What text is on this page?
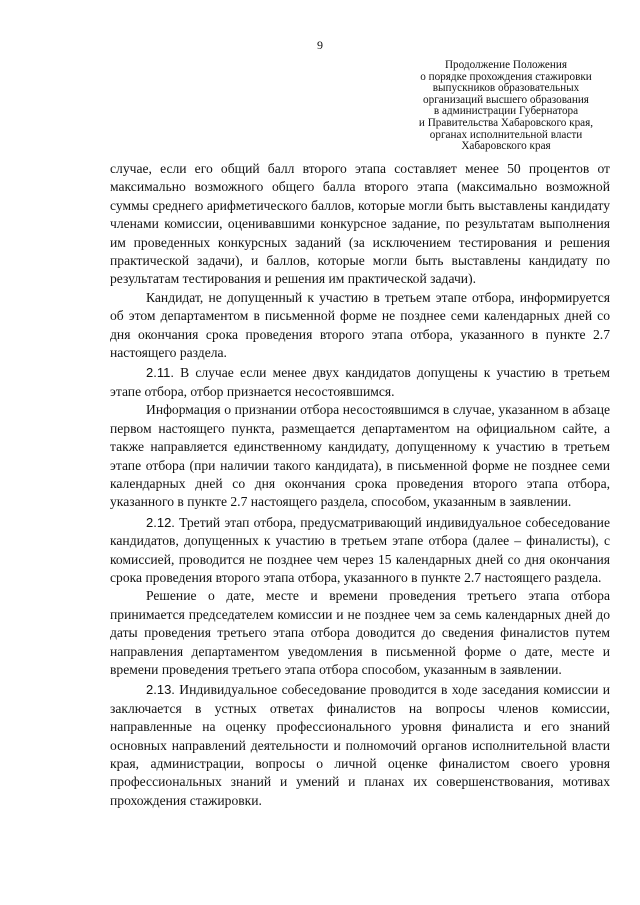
9
Продолжение Положения
о порядке прохождения стажировки
выпускников образовательных
организаций высшего образования
в администрации Губернатора
и Правительства Хабаровского края,
органах исполнительной власти
Хабаровского края

случае, если его общий балл второго этапа составляет менее 50 процентов от максимально возможного общего балла второго этапа (максимально возможной суммы среднего арифметического баллов, которые могли быть выставлены кандидату членами комиссии, оценивавшими конкурсное задание, по результатам выполнения им проведенных конкурсных заданий (за исключением тестирования и решения практической задачи), и баллов, которые могли быть выставлены кандидату по результатам тестирования и решения им практической задачи).

Кандидат, не допущенный к участию в третьем этапе отбора, информируется об этом департаментом в письменной форме не позднее семи календарных дней со дня окончания срока проведения второго этапа отбора, указанного в пункте 2.7 настоящего раздела.

2.11. В случае если менее двух кандидатов допущены к участию в третьем этапе отбора, отбор признается несостоявшимся.

Информация о признании отбора несостоявшимся в случае, указанном в абзаце первом настоящего пункта, размещается департаментом на официальном сайте, а также направляется единственному кандидату, допущенному к участию в третьем этапе отбора (при наличии такого кандидата), в письменной форме не позднее семи календарных дней со дня окончания срока проведения второго этапа отбора, указанного в пункте 2.7 настоящего раздела, способом, указанным в заявлении.

2.12. Третий этап отбора, предусматривающий индивидуальное собеседование кандидатов, допущенных к участию в третьем этапе отбора (далее – финалисты), с комиссией, проводится не позднее чем через 15 календарных дней со дня окончания срока проведения второго этапа отбора, указанного в пункте 2.7 настоящего раздела.

Решение о дате, месте и времени проведения третьего этапа отбора принимается председателем комиссии и не позднее чем за семь календарных дней до даты проведения третьего этапа отбора доводится до сведения финалистов путем направления департаментом уведомления в письменной форме о дате, месте и времени проведения третьего этапа отбора способом, указанным в заявлении.

2.13. Индивидуальное собеседование проводится в ходе заседания комиссии и заключается в устных ответах финалистов на вопросы членов комиссии, направленные на оценку профессионального уровня финалиста и его знаний основных направлений деятельности и полномочий органов исполнительной власти края, администрации, вопросы о личной оценке финалистом своего уровня профессиональных знаний и умений и планах их совершенствования, мотивах прохождения стажировки.
